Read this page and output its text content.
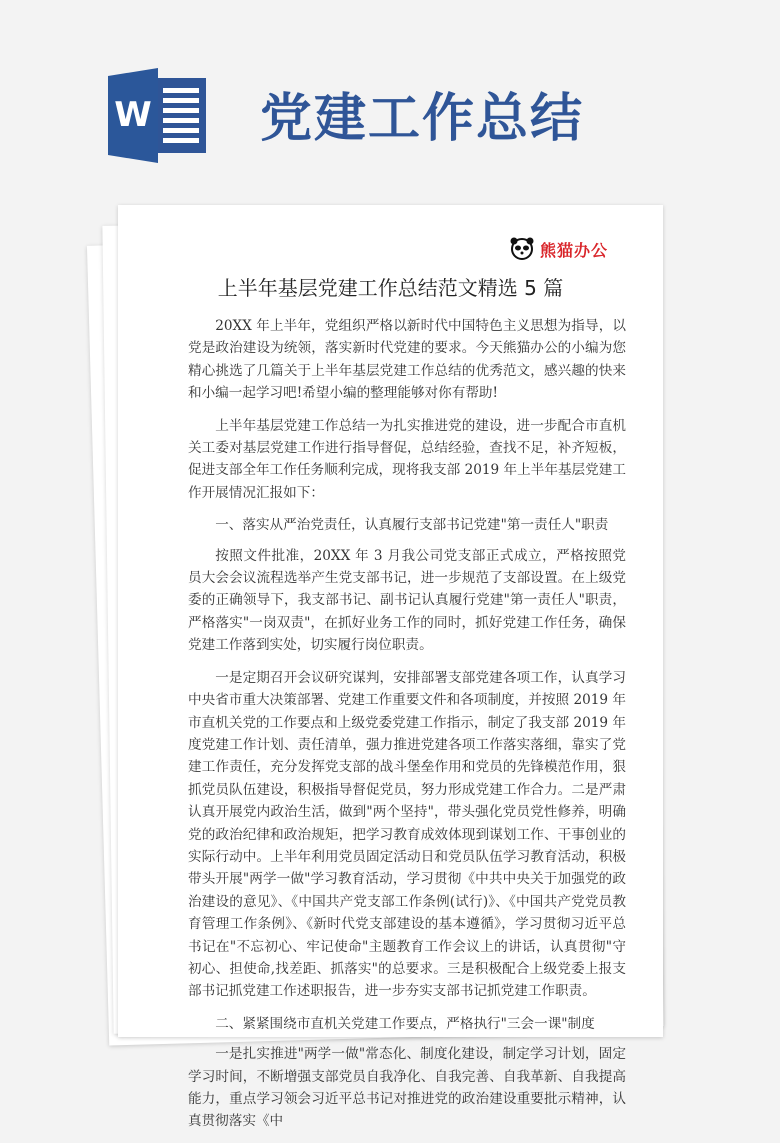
W 党建工作总结
熊猫办公
上半年基层党建工作总结范文精选 5 篇

20XX 年上半年，党组织严格以新时代中国特色主义思想为指导，以党是政治建设为统领，落实新时代党建的要求。今天熊猫办公的小编为您精心挑选了几篇关于上半年基层党建工作总结的优秀范文，感兴趣的快来和小编一起学习吧!希望小编的整理能够对你有帮助!

上半年基层党建工作总结一为扎实推进党的建设，进一步配合市直机关工委对基层党建工作进行指导督促，总结经验，查找不足，补齐短板，促进支部全年工作任务顺利完成，现将我支部 2019 年上半年基层党建工作开展情况汇报如下：

一、落实从严治党责任，认真履行支部书记党建"第一责任人"职责

按照文件批准，20XX 年 3 月我公司党支部正式成立，严格按照党员大会会议流程选举产生党支部书记，进一步规范了支部设置。在上级党委的正确领导下，我支部书记、副书记认真履行党建"第一责任人"职责，严格落实"一岗双责"，在抓好业务工作的同时，抓好党建工作任务，确保党建工作落到实处，切实履行岗位职责。

一是定期召开会议研究谋判，安排部署支部党建各项工作，认真学习中央省市重大决策部署、党建工作重要文件和各项制度，并按照 2019 年市直机关党的工作要点和上级党委党建工作指示，制定了我支部 2019 年度党建工作计划、责任清单，强力推进党建各项工作落实落细，靠实了党建工作责任，充分发挥党支部的战斗堡垒作用和党员的先锋模范作用，狠抓党员队伍建设，积极指导督促党员，努力形成党建工作合力。二是严肃认真开展党内政治生活，做到"两个坚持"，带头强化党员党性修养，明确党的政治纪律和政治规矩，把学习教育成效体现到谋划工作、干事创业的实际行动中。上半年利用党员固定活动日和党员队伍学习教育活动，积极带头开展"两学一做"学习教育活动，学习贯彻《中共中央关于加强党的政治建设的意见》、《中国共产党支部工作条例(试行)》、《中国共产党党员教育管理工作条例》、《新时代党支部建设的基本遵循》，学习贯彻习近平总书记在"不忘初心、牢记使命"主题教育工作会议上的讲话，认真贯彻"守初心、担使命,找差距、抓落实"的总要求。三是积极配合上级党委上报支部书记抓党建工作述职报告，进一步夯实支部书记抓党建工作职责。

二、紧紧围绕市直机关党建工作要点，严格执行"三会一课"制度

一是扎实推进"两学一做"常态化、制度化建设，制定学习计划，固定学习时间，不断增强支部党员自我净化、自我完善、自我革新、自我提高能力，重点学习领会习近平总书记对推进党的政治建设重要批示精神，认真贯彻落实《中
